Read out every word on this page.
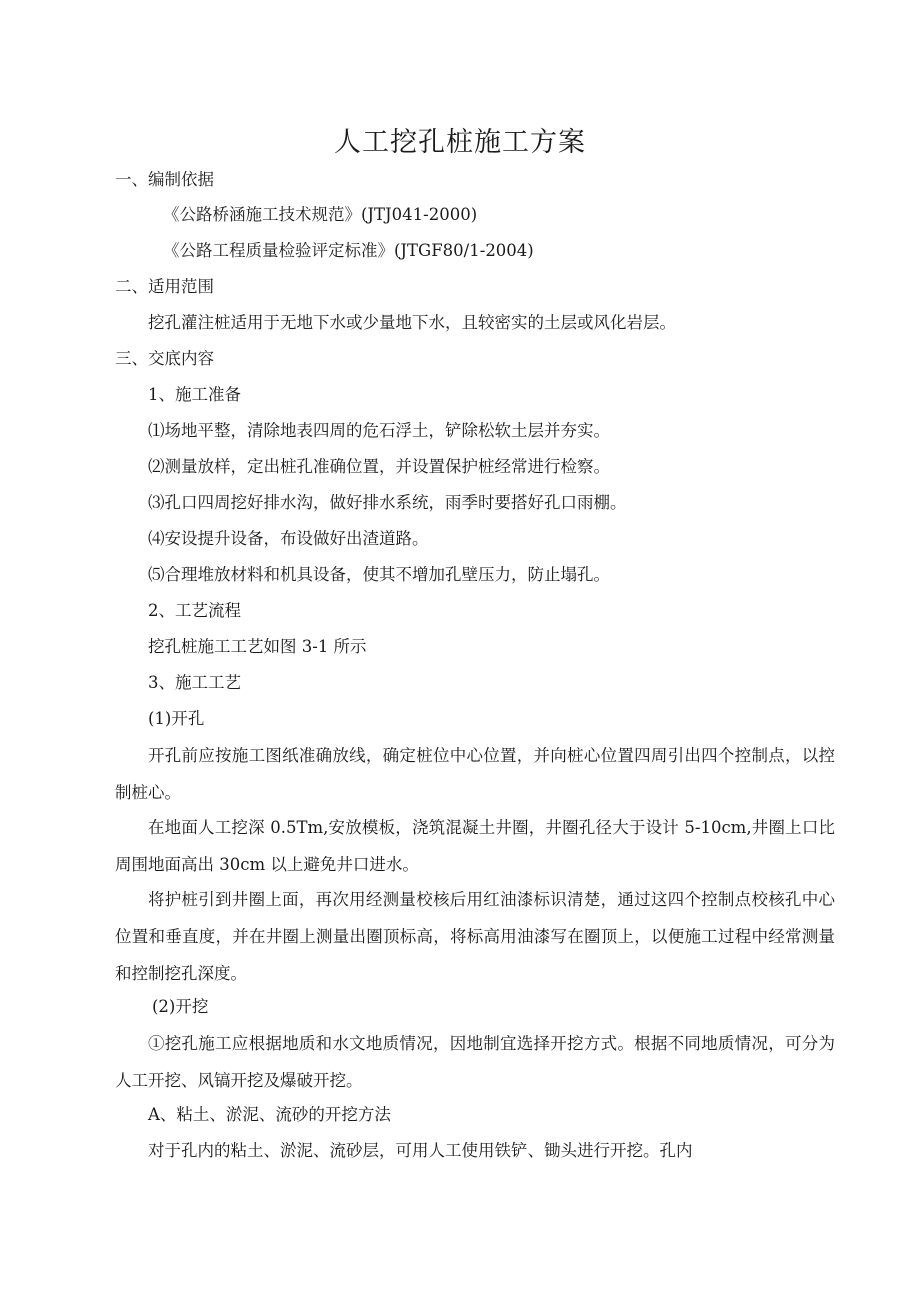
人工挖孔桩施工方案

一、编制依据

《公路桥涵施工技术规范》(JTJ041-2000)

《公路工程质量检验评定标准》(JTGF80/1-2004)

二、适用范围

挖孔灌注桩适用于无地下水或少量地下水，且较密实的土层或风化岩层。

三、交底内容

1、施工准备

⑴场地平整，清除地表四周的危石浮土，铲除松软土层并夯实。

⑵测量放样，定出桩孔准确位置，并设置保护桩经常进行检察。

⑶孔口四周挖好排水沟，做好排水系统，雨季时要搭好孔口雨棚。

⑷安设提升设备，布设做好出渣道路。

⑸合理堆放材料和机具设备，使其不增加孔壁压力，防止塌孔。

2、工艺流程

挖孔桩施工工艺如图 3-1 所示

3、施工工艺

(1)开孔

开孔前应按施工图纸准确放线，确定桩位中心位置，并向桩心位置四周引出四个控制点，以控制桩心。

在地面人工挖深 0.5Tm,安放模板，浇筑混凝土井圈，井圈孔径大于设计 5-10cm,井圈上口比周围地面高出 30cm 以上避免井口进水。

将护桩引到井圈上面，再次用经测量校核后用红油漆标识清楚，通过这四个控制点校核孔中心位置和垂直度，并在井圈上测量出圈顶标高，将标高用油漆写在圈顶上，以便施工过程中经常测量和控制挖孔深度。

(2)开挖

①挖孔施工应根据地质和水文地质情况，因地制宜选择开挖方式。根据不同地质情况，可分为人工开挖、风镐开挖及爆破开挖。

A、粘土、淤泥、流砂的开挖方法

对于孔内的粘土、淤泥、流砂层，可用人工使用铁铲、锄头进行开挖。孔内
